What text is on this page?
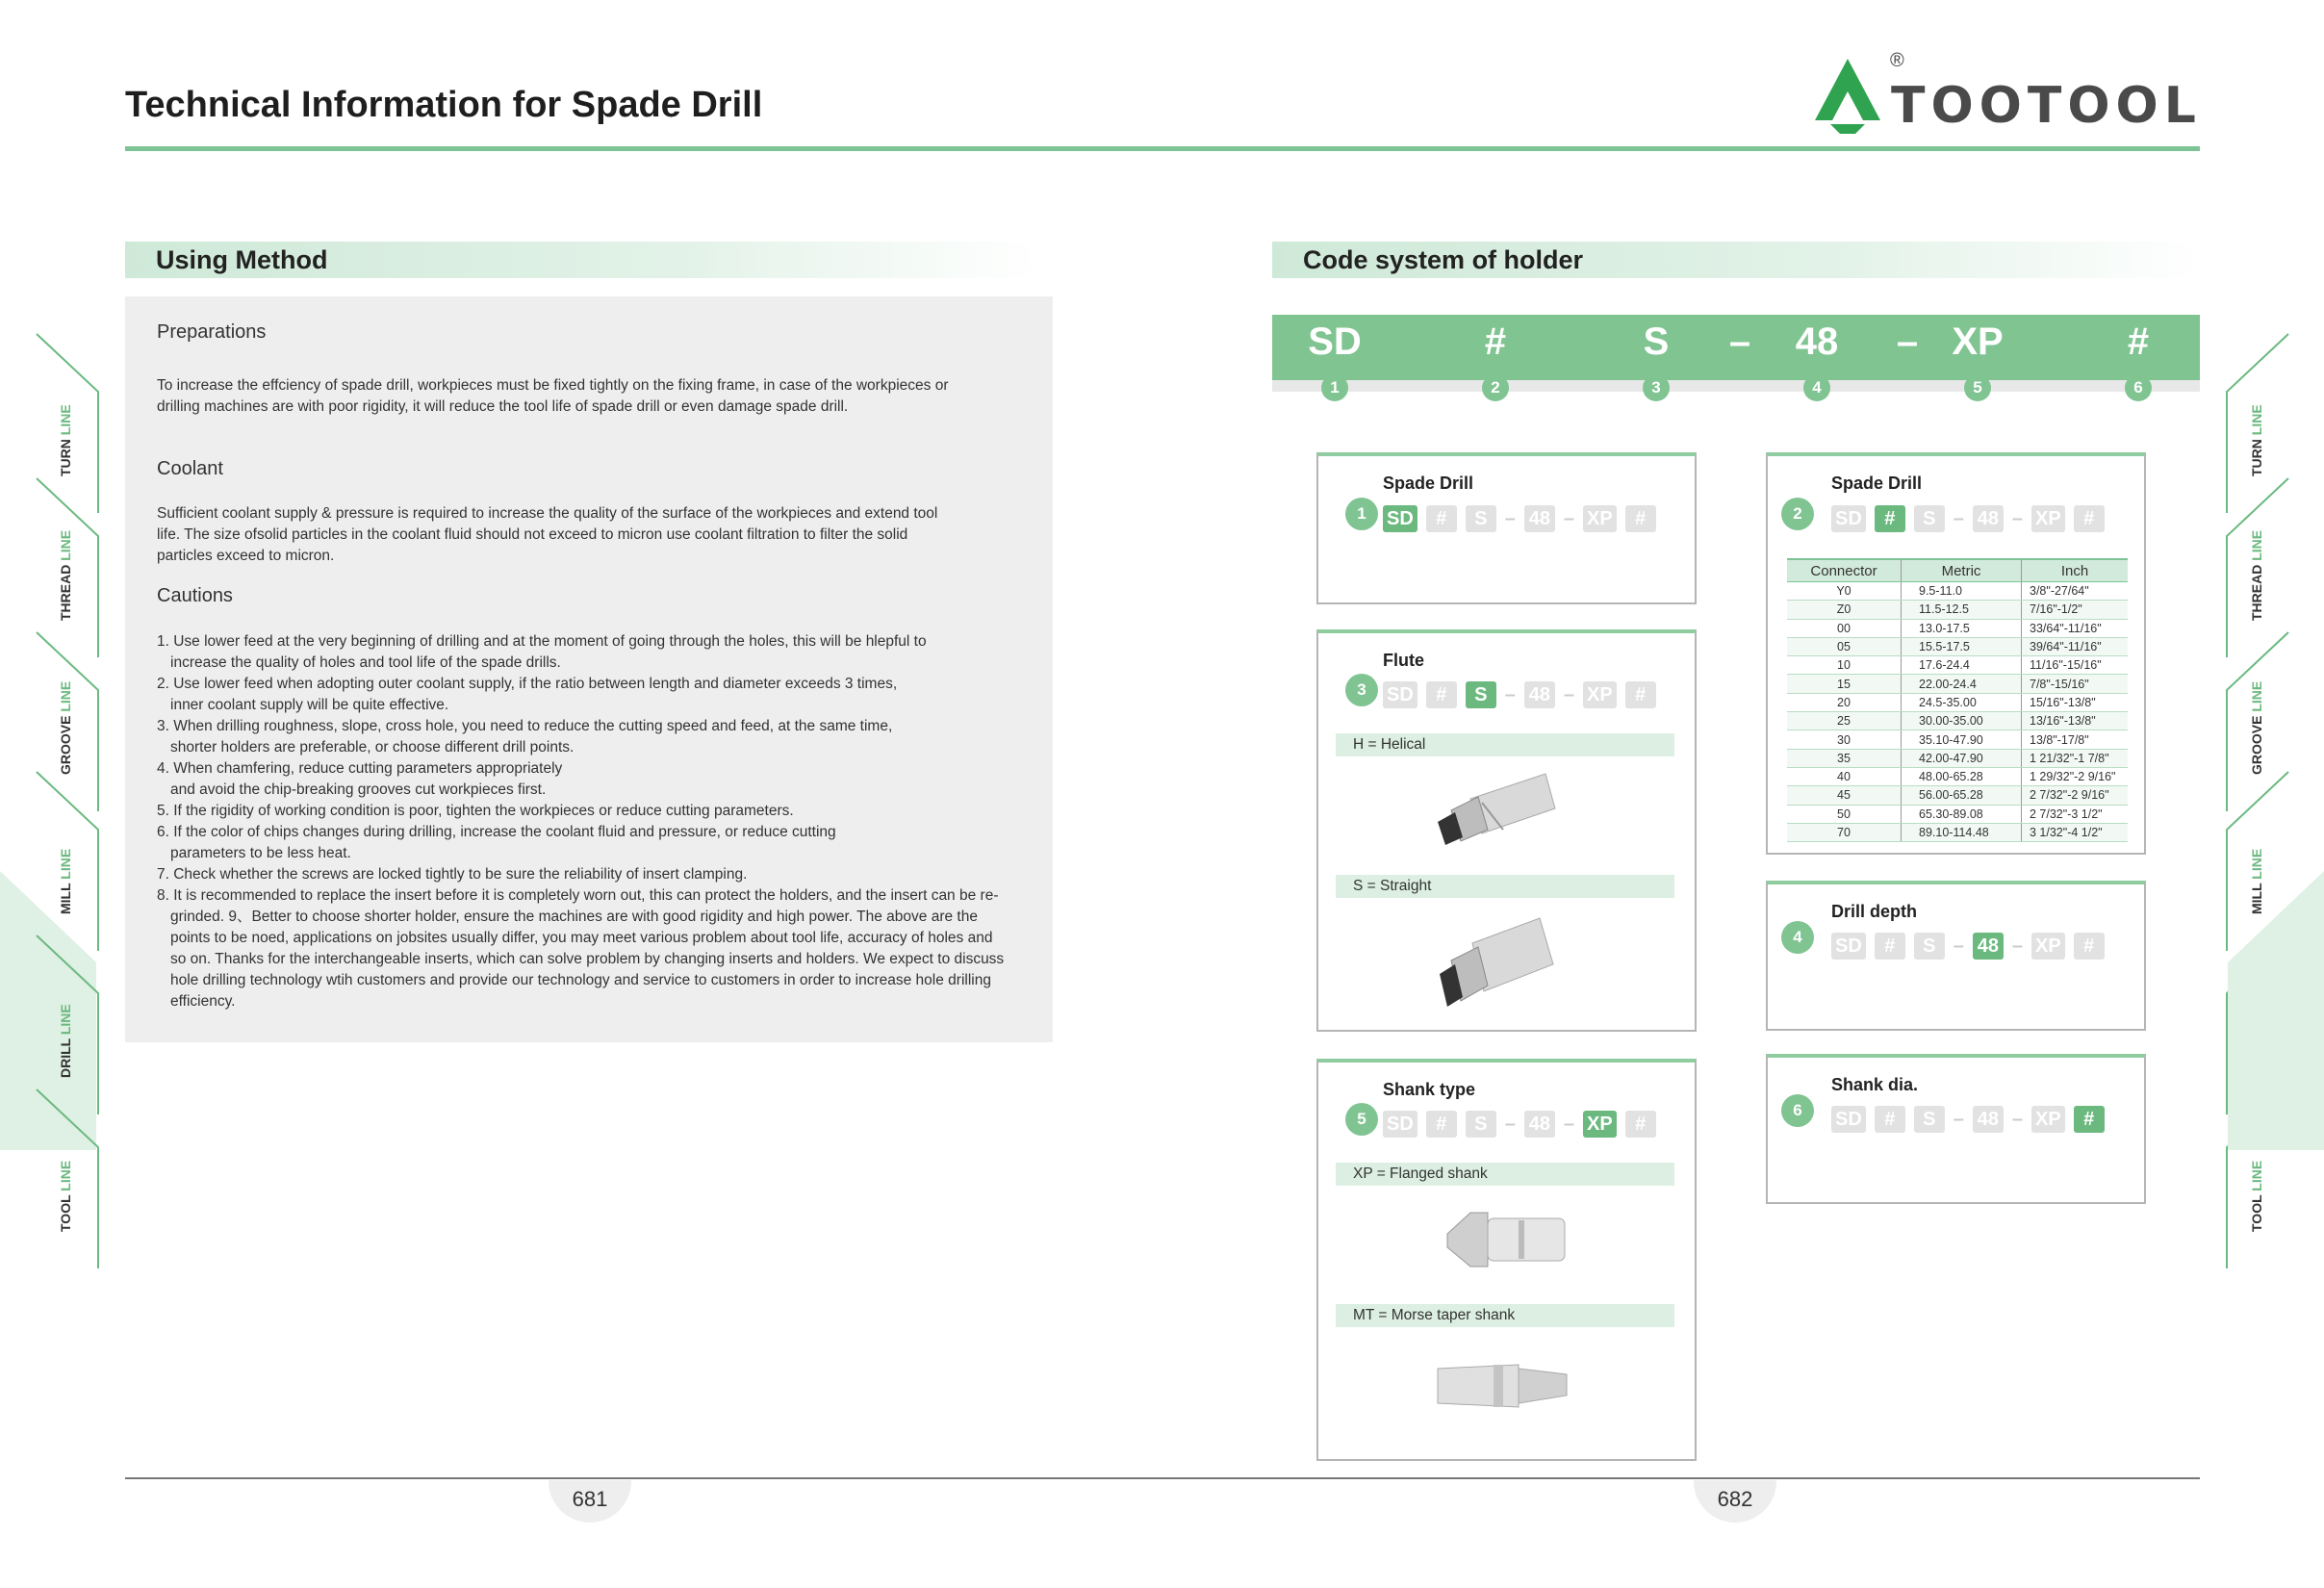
Technical Information for Spade Drill
®
TOOTOOL
Using Method
Preparations

To increase the effciency of spade drill, workpieces must be fixed tightly on the fixing frame, in case of the workpieces or drilling machines are with poor rigidity, it will reduce the tool life of spade drill or even damage spade drill.

Coolant

Sufficient coolant supply & pressure is required to increase the quality of the surface of the workpieces and extend tool life. The size ofsolid particles in the coolant fluid should not exceed to micron use coolant filtration to filter the solid particles exceed to micron.

Cautions
1. Use lower feed at the very beginning of drilling and at the moment of going through the holes, this will be hlepful to increase the quality of holes and tool life of the spade drills.
2. Use lower feed when adopting outer coolant supply, if the ratio between length and diameter exceeds 3 times, inner coolant supply will be quite effective.
3. When drilling roughness, slope, cross hole, you need to reduce the cutting speed and feed, at the same time, shorter holders are preferable, or choose different drill points.
4. When chamfering, reduce cutting parameters appropriately and avoid the chip-breaking grooves cut workpieces first.
5. If the rigidity of working condition is poor, tighten the workpieces or reduce cutting parameters.
6. If the color of chips changes during drilling, increase the coolant fluid and pressure, or reduce cutting parameters to be less heat.
7. Check whether the screws are locked tightly to be sure the reliability of insert clamping.
8. It is recommended to replace the insert before it is completely worn out, this can protect the holders, and the insert can be re-grinded. 9、Better to choose shorter holder, ensure the machines are with good rigidity and high power. The above are the points to be noed, applications on jobsites usually differ, you may meet various problem about tool life, accuracy of holes and so on. Thanks for the interchangeable inserts, which can solve problem by changing inserts and holders. We expect to discuss hole drilling technology wtih customers and provide our technology and service to customers in order to increase hole drilling efficiency.
Code system of holder
SD	#	S	–	48	– XP	#
1	2	3	4	5	6
1
Spade Drill
SD	#	S – 48 – XP	#
3
Flute
SD	#	S – 48 – XP	#
H = Helical
S = Straight
5
Shank type
SD	#	S – 48 – XP	#
XP = Flanged shank
MT = Morse taper shank
2
Spade Drill
SD	#	S – 48 – XP	#
Connector	Metric	Inch
Y0	9.5-11.0	3/8"-27/64"
Z0	11.5-12.5	7/16"-1/2"
00	13.0-17.5	33/64"-11/16"
05	15.5-17.5	39/64"-11/16"
10	17.6-24.4	11/16"-15/16"
15	22.00-24.4	7/8"-15/16"
20	24.5-35.00	15/16"-13/8"
25	30.00-35.00	13/16"-13/8"
30	35.10-47.90	13/8"-17/8"
35	42.00-47.90	1 21/32"-1 7/8"
40	48.00-65.28	1 29/32"-2 9/16"
45	56.00-65.28	2 7/32"-2 9/16"
50	65.30-89.08	2 7/32"-3 1/2"
70	89.10-114.48	3 1/32"-4 1/2"
4
Drill depth
SD	#	S – 48 – XP	#
6
Shank dia.
SD	#	S – 48 – XP	#
TURN LINE
THREAD LINE
GROOVE LINE
MILL LINE
DRILL LINE
TOOL LINE
TURN LINE
THREAD LINE
GROOVE LINE
MILL LINE
TOOL LINE
681	682
